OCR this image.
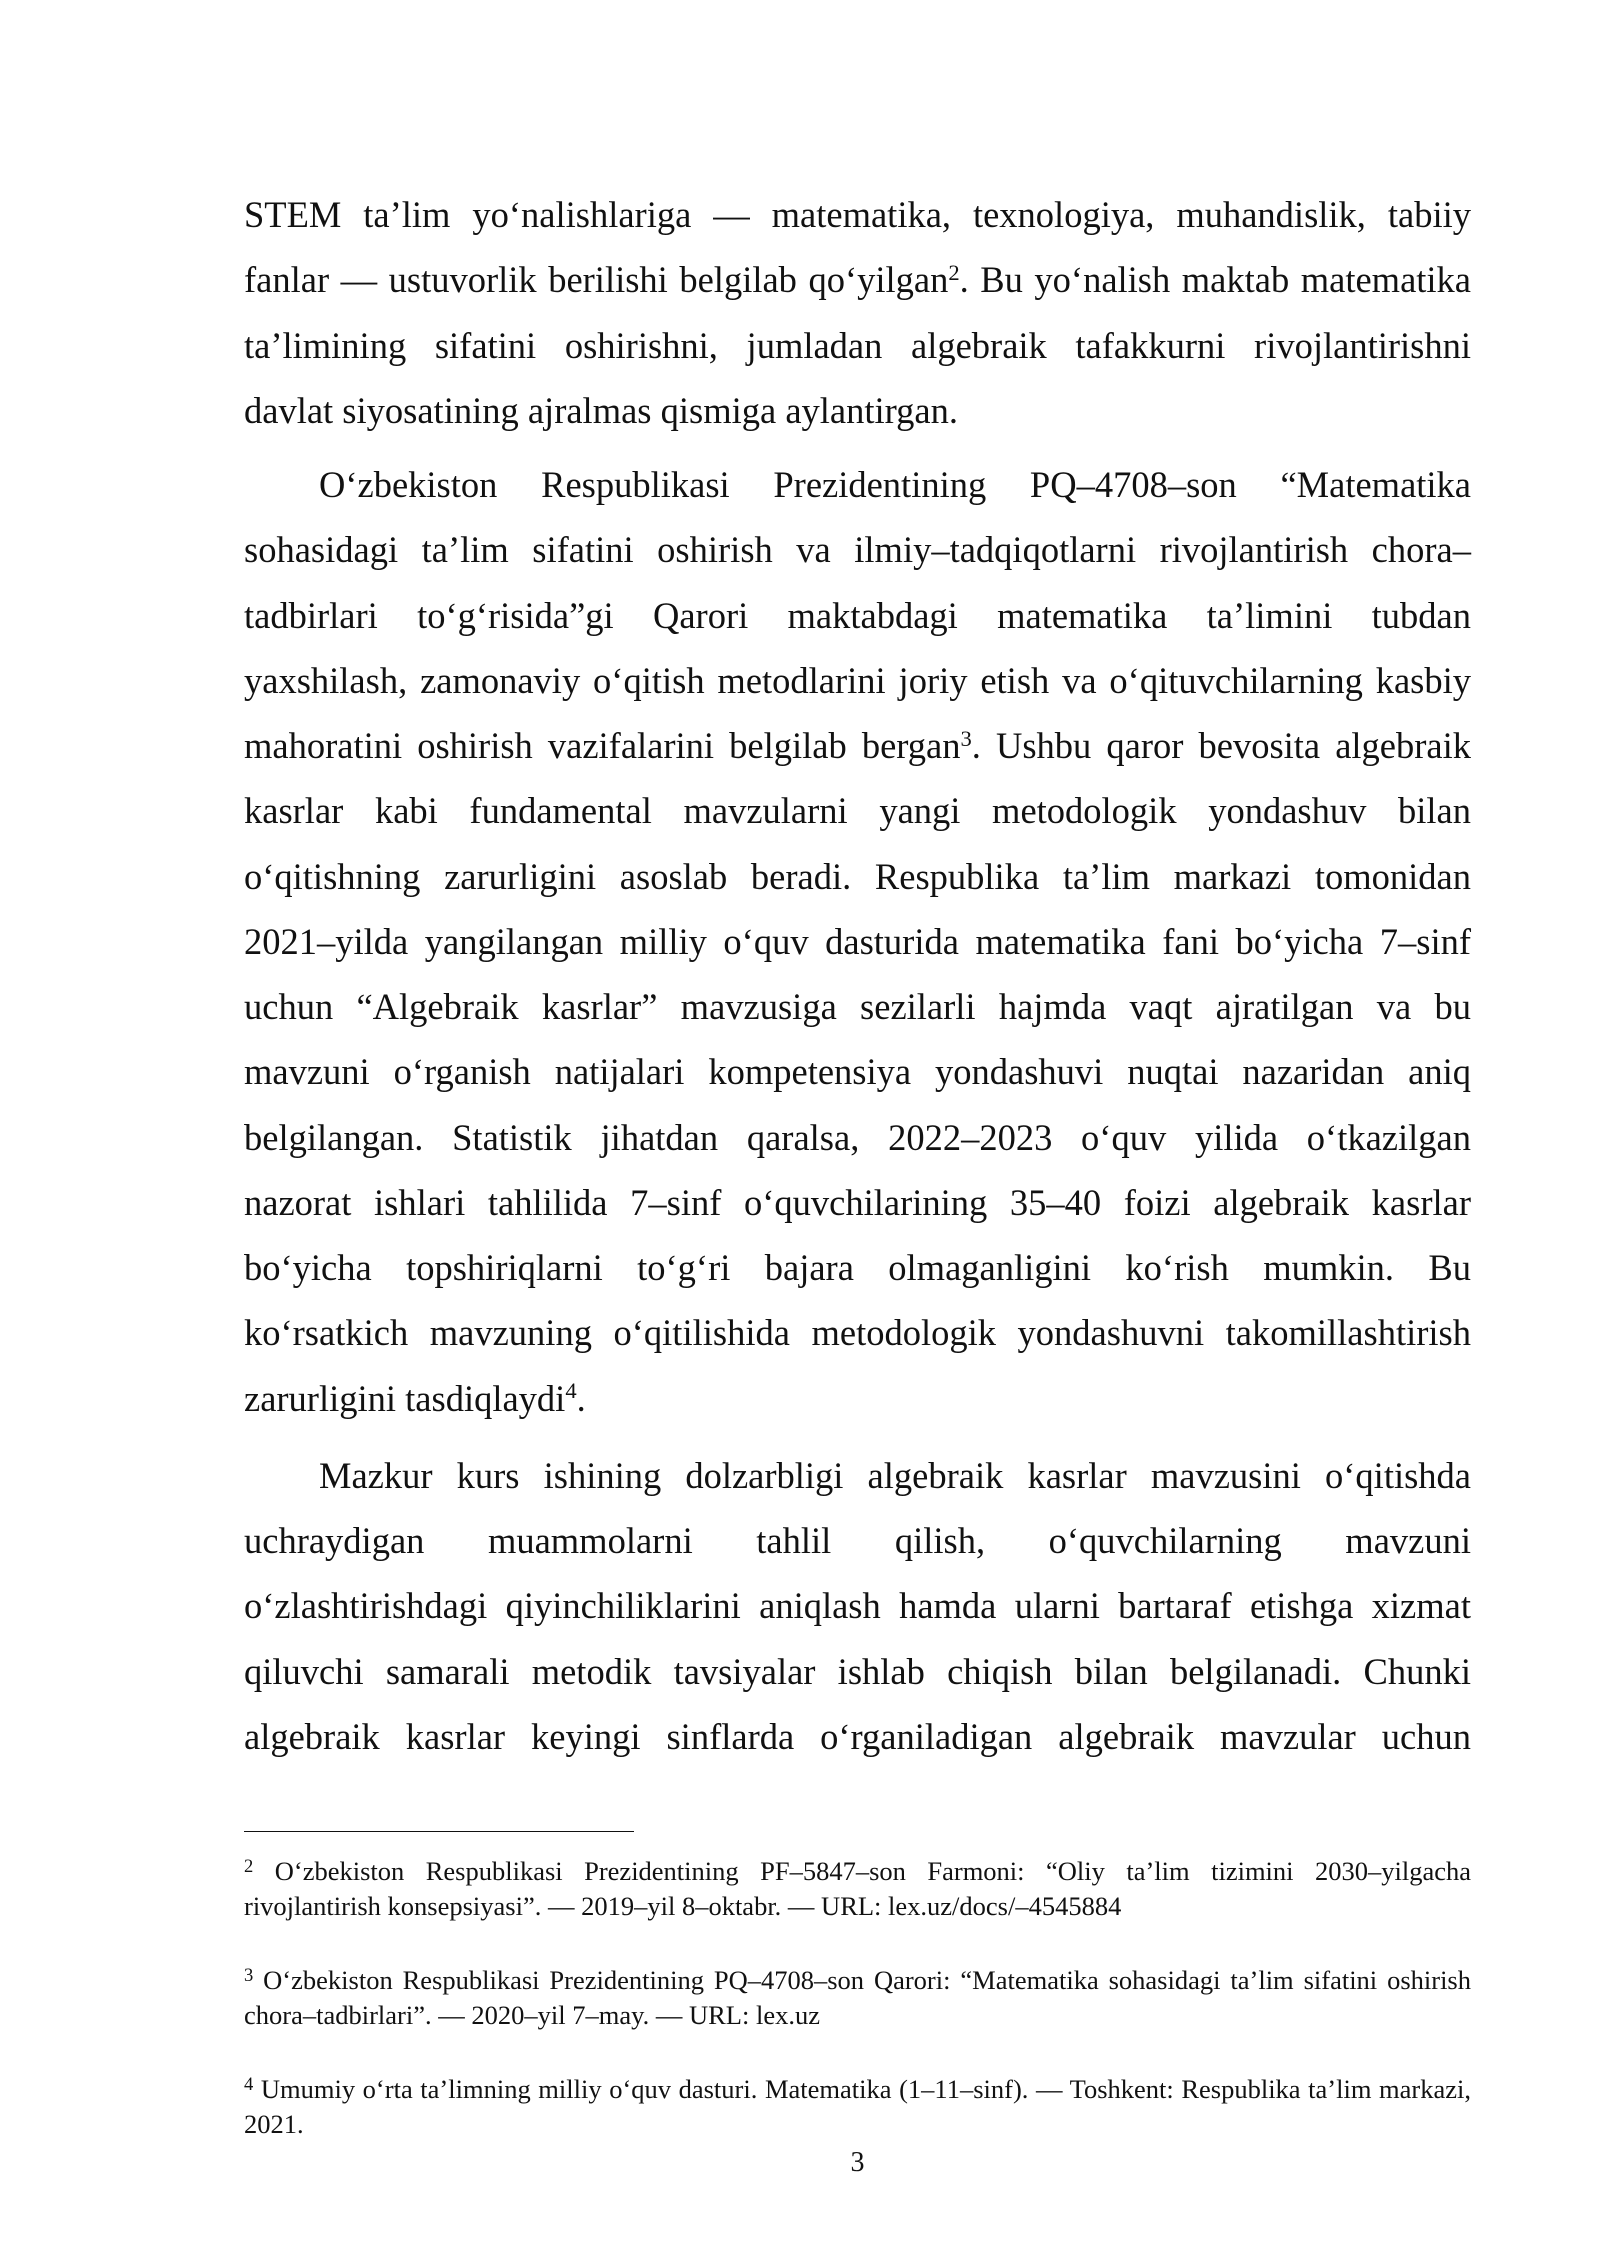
STEM ta’lim yo‘nalishlariga — matematika, texnologiya, muhandislik, tabiiy
fanlar — ustuvorlik berilishi belgilab qo‘yilgan$^2$. Bu yo‘nalish maktab matematika
ta’limining sifatini oshirishni, jumladan algebraik tafakkurni rivojlantirishni
davlat siyosatining ajralmas qismiga aylantirgan.
O‘zbekiston Respublikasi Prezidentining PQ–4708–son “Matematika
sohasidagi ta’lim sifatini oshirish va ilmiy–tadqiqotlarni rivojlantirish chora–
tadbirlari to‘g‘risida”gi Qarori maktabdagi matematika ta’limini tubdan
yaxshilash, zamonaviy o‘qitish metodlarini joriy etish va o‘qituvchilarning kasbiy
mahoratini oshirish vazifalarini belgilab bergan$^3$. Ushbu qaror bevosita algebraik
kasrlar kabi fundamental mavzularni yangi metodologik yondashuv bilan
o‘qitishning zarurligini asoslab beradi. Respublika ta’lim markazi tomonidan
2021–yilda yangilangan milliy o‘quv dasturida matematika fani bo‘yicha 7–sinf
uchun “Algebraik kasrlar” mavzusiga sezilarli hajmda vaqt ajratilgan va bu
mavzuni o‘rganish natijalari kompetensiya yondashuvi nuqtai nazaridan aniq
belgilangan. Statistik jihatdan qaralsa, 2022–2023 o‘quv yilida o‘tkazilgan
nazorat ishlari tahlilida 7–sinf o‘quvchilarining 35–40 foizi algebraik kasrlar
bo‘yicha topshiriqlarni to‘g‘ri bajara olmaganligini ko‘rish mumkin. Bu
ko‘rsatkich mavzuning o‘qitilishida metodologik yondashuvni takomillashtirish
zarurligini tasdiqlaydi$^4$.
Mazkur kurs ishining dolzarbligi algebraik kasrlar mavzusini o‘qitishda
uchraydigan muammolarni tahlil qilish, o‘quvchilarning mavzuni
o‘zlashtirishdagi qiyinchiliklarini aniqlash hamda ularni bartaraf etishga xizmat
qiluvchi samarali metodik tavsiyalar ishlab chiqish bilan belgilanadi. Chunki
algebraik kasrlar keyingi sinflarda o‘rganiladigan algebraik mavzular uchun
$^2$ O‘zbekiston Respublikasi Prezidentining PF–5847–son Farmoni: “Oliy ta’lim tizimini 2030–yilgacha
rivojlantirish konsepsiyasi”. — 2019–yil 8–oktabr. — URL: lex.uz/docs/–4545884
$^3$ O‘zbekiston Respublikasi Prezidentining PQ–4708–son Qarori: “Matematika sohasidagi ta’lim sifatini oshirish
chora–tadbirlari”. — 2020–yil 7–may. — URL: lex.uz
$^4$ Umumiy o‘rta ta’limning milliy o‘quv dasturi. Matematika (1–11–sinf). — Toshkent: Respublika ta’lim markazi,
2021.
3
